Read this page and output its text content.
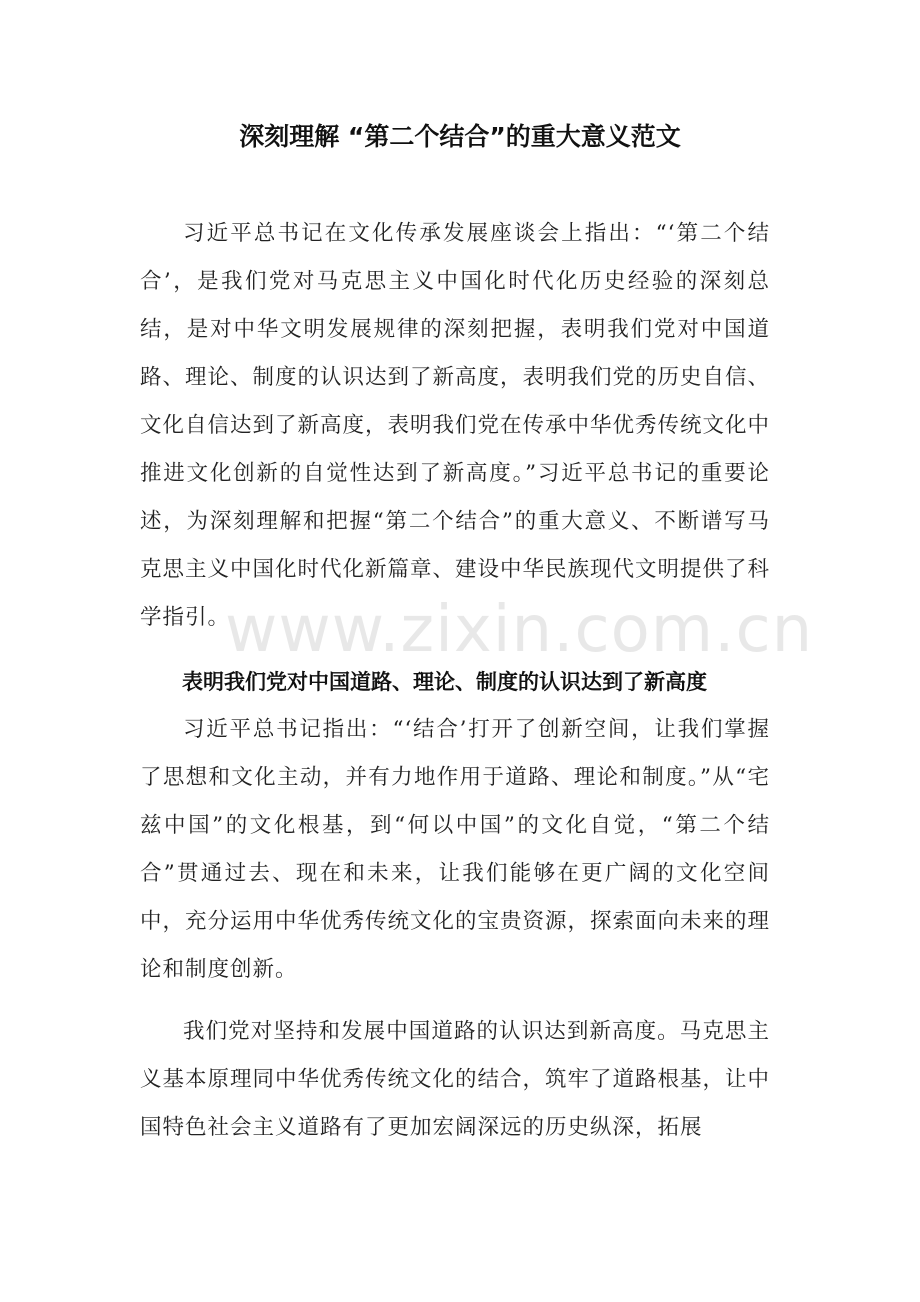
深刻理解 “第二个结合”的重大意义范文

习近平总书记在文化传承发展座谈会上指出：“‘第二个结合’，是我们党对马克思主义中国化时代化历史经验的深刻总结，是对中华文明发展规律的深刻把握，表明我们党对中国道路、理论、制度的认识达到了新高度，表明我们党的历史自信、文化自信达到了新高度，表明我们党在传承中华优秀传统文化中推进文化创新的自觉性达到了新高度。”习近平总书记的重要论述，为深刻理解和把握“第二个结合”的重大意义、不断谱写马克思主义中国化时代化新篇章、建设中华民族现代文明提供了科学指引。

表明我们党对中国道路、理论、制度的认识达到了新高度

习近平总书记指出：“‘结合’打开了创新空间，让我们掌握了思想和文化主动，并有力地作用于道路、理论和制度。”从“宅兹中国”的文化根基，到“何以中国”的文化自觉，“第二个结合”贯通过去、现在和未来，让我们能够在更广阔的文化空间中，充分运用中华优秀传统文化的宝贵资源，探索面向未来的理论和制度创新。

我们党对坚持和发展中国道路的认识达到新高度。马克思主义基本原理同中华优秀传统文化的结合，筑牢了道路根基，让中国特色社会主义道路有了更加宏阔深远的历史纵深，拓展

www.zixin.com.cn
